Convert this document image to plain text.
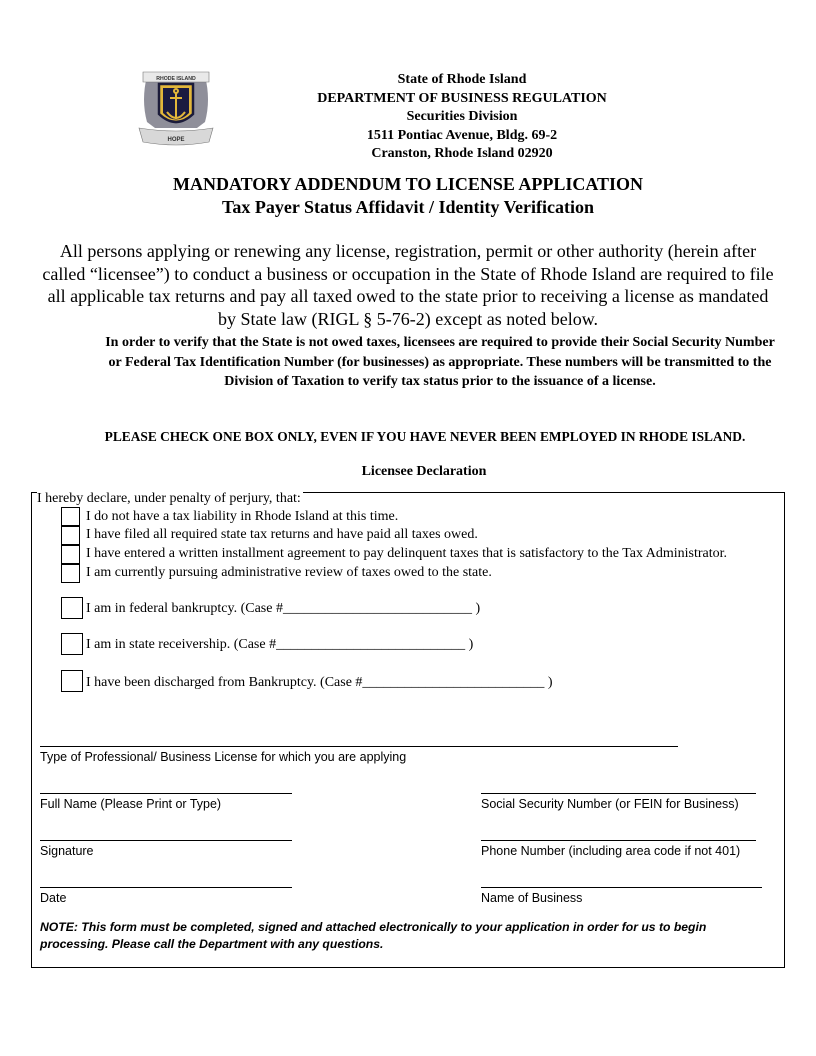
RHODE ISLAND
HOPE
State of Rhode Island
DEPARTMENT OF BUSINESS REGULATION
Securities Division
1511 Pontiac Avenue, Bldg. 69-2
Cranston, Rhode Island 02920
MANDATORY ADDENDUM TO LICENSE APPLICATION
Tax Payer Status Affidavit / Identity Verification
All persons applying or renewing any license, registration, permit or other authority (herein after called “licensee”) to conduct a business or occupation in the State of Rhode Island are required to file all applicable tax returns and pay all taxed owed to the state prior to receiving a license as mandated by State law (RIGL § 5-76-2) except as noted below.
In order to verify that the State is not owed taxes, licensees are required to provide their Social Security Number or Federal Tax Identification Number (for businesses) as appropriate. These numbers will be transmitted to the Division of Taxation to verify tax status prior to the issuance of a license.
PLEASE CHECK ONE BOX ONLY, EVEN IF YOU HAVE NEVER BEEN EMPLOYED IN RHODE ISLAND.
Licensee Declaration
I hereby declare, under penalty of perjury, that:
I do not have a tax liability in Rhode Island at this time.
I have filed all required state tax returns and have paid all taxes owed.
I have entered a written installment agreement to pay delinquent taxes that is satisfactory to the Tax Administrator.
I am currently pursuing administrative review of taxes owed to the state.
I am in federal bankruptcy. (Case #___________________________ )
I am in state receivership. (Case #___________________________ )
I have been discharged from Bankruptcy. (Case #__________________________ )
Type of Professional/ Business License for which you are applying
Full Name (Please Print or Type)	Social Security Number (or FEIN for Business)
Signature	Phone Number (including area code if not 401)
Date	Name of Business
NOTE: This form must be completed, signed and attached electronically to your application in order for us to begin processing. Please call the Department with any questions.
